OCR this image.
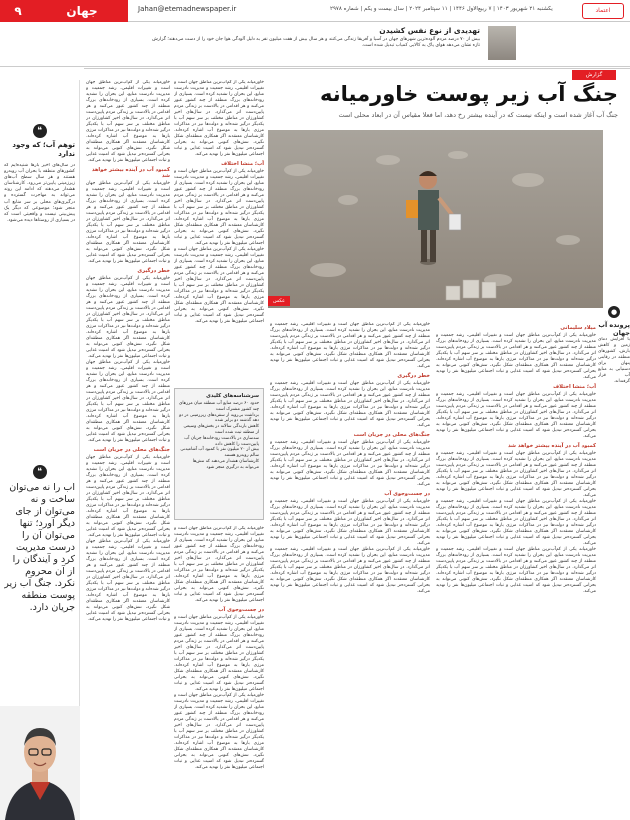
۹	جهان	Jahan@etemadnewspaper.ir	یکشنبه ۲۱ شهریور ۱۴۰۳ | ۷ ربیع‌الاول ۱۴۴۶ | ۱۱ سپتامبر ۲۰۲۴ | سال بیست و یکم | شماره ۲۹۷۸	اعتماد
تهدیدی از نوع نفس کشیدن
بیش از ۷۰ درصد مردم آلوده‌ترین شهرهای جهان در آسیا و آفریقا زندگی می‌کنند و هر سال بیش از هفت میلیون نفر به دلیل آلودگی هوا جان خود را از دست می‌دهند؛ گزارش تازه نشان می‌دهد هوای پاک به کالایی کمیاب تبدیل شده است.
❝
توهم آب؛ که وجود ندارد
در سال‌های اخیر بارها شنیده‌ایم که کشورهای منطقه با بحران آب روبه‌رو هستند و هر سال سطح آب‌های زیرزمینی پایین‌تر می‌رود. کارشناسان هشدار می‌دهند که ادامه این روند می‌تواند به مهاجرت گسترده و درگیری‌های محلی بر سر منابع آب منجر شود؛ موضوعی که دیگر یک پیش‌بینی نیست و واقعیتی است که در بسیاری از روستاها دیده می‌شود.
❝
آب را نه می‌توان ساخت و نه می‌توان از جای دیگر آورد؛ تنها می‌توان آن را درست مدیریت کرد و آیندگان را از آن محروم نکرد. جنگ آب زیر پوست منطقه جریان دارد.
گزارش
جنگ آب زیر پوست خاورمیانه
جنگ آب آغاز شده است و اینکه نیست که در آینده بیشتر رخ دهد، اما فعلا مقیاس آن در ابعاد محلی است
عکس
میلاد سلیمانی
خاورمیانه یکی از کم‌آب‌ترین مناطق جهان است و تغییرات اقلیمی، رشد جمعیت و مدیریت نادرست منابع، این بحران را تشدید کرده است. بسیاری از رودخانه‌های بزرگ منطقه از چند کشور عبور می‌کنند و هر اقدامی در بالادست بر زندگی مردم پایین‌دست اثر می‌گذارد. در سال‌های اخیر کشاورزان در مناطق مختلف بر سر سهم آب با یکدیگر درگیر شده‌اند و دولت‌ها نیز در مذاکرات مرزی بارها به موضوع آب اشاره کرده‌اند. کارشناسان معتقدند اگر همکاری منطقه‌ای شکل نگیرد، تنش‌های کنونی می‌تواند به بحرانی گسترده‌تر تبدیل شود که امنیت غذایی و ثبات اجتماعی میلیون‌ها نفر را تهدید می‌کند.
آب؛ منشا اختلاف
خاورمیانه یکی از کم‌آب‌ترین مناطق جهان است و تغییرات اقلیمی، رشد جمعیت و مدیریت نادرست منابع، این بحران را تشدید کرده است. بسیاری از رودخانه‌های بزرگ منطقه از چند کشور عبور می‌کنند و هر اقدامی در بالادست بر زندگی مردم پایین‌دست اثر می‌گذارد. در سال‌های اخیر کشاورزان در مناطق مختلف بر سر سهم آب با یکدیگر درگیر شده‌اند و دولت‌ها نیز در مذاکرات مرزی بارها به موضوع آب اشاره کرده‌اند. کارشناسان معتقدند اگر همکاری منطقه‌ای شکل نگیرد، تنش‌های کنونی می‌تواند به بحرانی گسترده‌تر تبدیل شود که امنیت غذایی و ثبات اجتماعی میلیون‌ها نفر را تهدید می‌کند.
کمبود آب در آینده بیشتر خواهد شد
خاورمیانه یکی از کم‌آب‌ترین مناطق جهان است و تغییرات اقلیمی، رشد جمعیت و مدیریت نادرست منابع، این بحران را تشدید کرده است. بسیاری از رودخانه‌های بزرگ منطقه از چند کشور عبور می‌کنند و هر اقدامی در بالادست بر زندگی مردم پایین‌دست اثر می‌گذارد. در سال‌های اخیر کشاورزان در مناطق مختلف بر سر سهم آب با یکدیگر درگیر شده‌اند و دولت‌ها نیز در مذاکرات مرزی بارها به موضوع آب اشاره کرده‌اند. کارشناسان معتقدند اگر همکاری منطقه‌ای شکل نگیرد، تنش‌های کنونی می‌تواند به بحرانی گسترده‌تر تبدیل شود که امنیت غذایی و ثبات اجتماعی میلیون‌ها نفر را تهدید می‌کند.
خاورمیانه یکی از کم‌آب‌ترین مناطق جهان است و تغییرات اقلیمی، رشد جمعیت و مدیریت نادرست منابع، این بحران را تشدید کرده است. بسیاری از رودخانه‌های بزرگ منطقه از چند کشور عبور می‌کنند و هر اقدامی در بالادست بر زندگی مردم پایین‌دست اثر می‌گذارد. در سال‌های اخیر کشاورزان در مناطق مختلف بر سر سهم آب با یکدیگر درگیر شده‌اند و دولت‌ها نیز در مذاکرات مرزی بارها به موضوع آب اشاره کرده‌اند. کارشناسان معتقدند اگر همکاری منطقه‌ای شکل نگیرد، تنش‌های کنونی می‌تواند به بحرانی گسترده‌تر تبدیل شود که امنیت غذایی و ثبات اجتماعی میلیون‌ها نفر را تهدید می‌کند.
خاورمیانه یکی از کم‌آب‌ترین مناطق جهان است و تغییرات اقلیمی، رشد جمعیت و مدیریت نادرست منابع، این بحران را تشدید کرده است. بسیاری از رودخانه‌های بزرگ منطقه از چند کشور عبور می‌کنند و هر اقدامی در بالادست بر زندگی مردم پایین‌دست اثر می‌گذارد. در سال‌های اخیر کشاورزان در مناطق مختلف بر سر سهم آب با یکدیگر درگیر شده‌اند و دولت‌ها نیز در مذاکرات مرزی بارها به موضوع آب اشاره کرده‌اند. کارشناسان معتقدند اگر همکاری منطقه‌ای شکل نگیرد، تنش‌های کنونی می‌تواند به بحرانی گسترده‌تر تبدیل شود که امنیت غذایی و ثبات اجتماعی میلیون‌ها نفر را تهدید می‌کند.
خاورمیانه یکی از کم‌آب‌ترین مناطق جهان است و تغییرات اقلیمی، رشد جمعیت و مدیریت نادرست منابع، این بحران را تشدید کرده است. بسیاری از رودخانه‌های بزرگ منطقه از چند کشور عبور می‌کنند و هر اقدامی در بالادست بر زندگی مردم پایین‌دست اثر می‌گذارد. در سال‌های اخیر کشاورزان در مناطق مختلف بر سر سهم آب با یکدیگر درگیر شده‌اند و دولت‌ها نیز در مذاکرات مرزی بارها به موضوع آب اشاره کرده‌اند. کارشناسان معتقدند اگر همکاری منطقه‌ای شکل نگیرد، تنش‌های کنونی می‌تواند به بحرانی گسترده‌تر تبدیل شود که امنیت غذایی و ثبات اجتماعی میلیون‌ها نفر را تهدید می‌کند.
خطر درگیری
خاورمیانه یکی از کم‌آب‌ترین مناطق جهان است و تغییرات اقلیمی، رشد جمعیت و مدیریت نادرست منابع، این بحران را تشدید کرده است. بسیاری از رودخانه‌های بزرگ منطقه از چند کشور عبور می‌کنند و هر اقدامی در بالادست بر زندگی مردم پایین‌دست اثر می‌گذارد. در سال‌های اخیر کشاورزان در مناطق مختلف بر سر سهم آب با یکدیگر درگیر شده‌اند و دولت‌ها نیز در مذاکرات مرزی بارها به موضوع آب اشاره کرده‌اند. کارشناسان معتقدند اگر همکاری منطقه‌ای شکل نگیرد، تنش‌های کنونی می‌تواند به بحرانی گسترده‌تر تبدیل شود که امنیت غذایی و ثبات اجتماعی میلیون‌ها نفر را تهدید می‌کند.
جنگ‌های محلی در جریان است
خاورمیانه یکی از کم‌آب‌ترین مناطق جهان است و تغییرات اقلیمی، رشد جمعیت و مدیریت نادرست منابع، این بحران را تشدید کرده است. بسیاری از رودخانه‌های بزرگ منطقه از چند کشور عبور می‌کنند و هر اقدامی در بالادست بر زندگی مردم پایین‌دست اثر می‌گذارد. در سال‌های اخیر کشاورزان در مناطق مختلف بر سر سهم آب با یکدیگر درگیر شده‌اند و دولت‌ها نیز در مذاکرات مرزی بارها به موضوع آب اشاره کرده‌اند. کارشناسان معتقدند اگر همکاری منطقه‌ای شکل نگیرد، تنش‌های کنونی می‌تواند به بحرانی گسترده‌تر تبدیل شود که امنیت غذایی و ثبات اجتماعی میلیون‌ها نفر را تهدید می‌کند.
در جست‌وجوی آب
خاورمیانه یکی از کم‌آب‌ترین مناطق جهان است و تغییرات اقلیمی، رشد جمعیت و مدیریت نادرست منابع، این بحران را تشدید کرده است. بسیاری از رودخانه‌های بزرگ منطقه از چند کشور عبور می‌کنند و هر اقدامی در بالادست بر زندگی مردم پایین‌دست اثر می‌گذارد. در سال‌های اخیر کشاورزان در مناطق مختلف بر سر سهم آب با یکدیگر درگیر شده‌اند و دولت‌ها نیز در مذاکرات مرزی بارها به موضوع آب اشاره کرده‌اند. کارشناسان معتقدند اگر همکاری منطقه‌ای شکل نگیرد، تنش‌های کنونی می‌تواند به بحرانی گسترده‌تر تبدیل شود که امنیت غذایی و ثبات اجتماعی میلیون‌ها نفر را تهدید می‌کند.
خاورمیانه یکی از کم‌آب‌ترین مناطق جهان است و تغییرات اقلیمی، رشد جمعیت و مدیریت نادرست منابع، این بحران را تشدید کرده است. بسیاری از رودخانه‌های بزرگ منطقه از چند کشور عبور می‌کنند و هر اقدامی در بالادست بر زندگی مردم پایین‌دست اثر می‌گذارد. در سال‌های اخیر کشاورزان در مناطق مختلف بر سر سهم آب با یکدیگر درگیر شده‌اند و دولت‌ها نیز در مذاکرات مرزی بارها به موضوع آب اشاره کرده‌اند. کارشناسان معتقدند اگر همکاری منطقه‌ای شکل نگیرد، تنش‌های کنونی می‌تواند به بحرانی گسترده‌تر تبدیل شود که امنیت غذایی و ثبات اجتماعی میلیون‌ها نفر را تهدید می‌کند.
خاورمیانه یکی از کم‌آب‌ترین مناطق جهان است و تغییرات اقلیمی، رشد جمعیت و مدیریت نادرست منابع، این بحران را تشدید کرده است. بسیاری از رودخانه‌های بزرگ منطقه از چند کشور عبور می‌کنند و هر اقدامی در بالادست بر زندگی مردم پایین‌دست اثر می‌گذارد. در سال‌های اخیر کشاورزان در مناطق مختلف بر سر سهم آب با یکدیگر درگیر شده‌اند و دولت‌ها نیز در مذاکرات مرزی بارها به موضوع آب اشاره کرده‌اند. کارشناسان معتقدند اگر همکاری منطقه‌ای شکل نگیرد، تنش‌های کنونی می‌تواند به بحرانی گسترده‌تر تبدیل شود که امنیت غذایی و ثبات اجتماعی میلیون‌ها نفر را تهدید می‌کند.
آب؛ منشا اختلاف
خاورمیانه یکی از کم‌آب‌ترین مناطق جهان است و تغییرات اقلیمی، رشد جمعیت و مدیریت نادرست منابع، این بحران را تشدید کرده است. بسیاری از رودخانه‌های بزرگ منطقه از چند کشور عبور می‌کنند و هر اقدامی در بالادست بر زندگی مردم پایین‌دست اثر می‌گذارد. در سال‌های اخیر کشاورزان در مناطق مختلف بر سر سهم آب با یکدیگر درگیر شده‌اند و دولت‌ها نیز در مذاکرات مرزی بارها به موضوع آب اشاره کرده‌اند. کارشناسان معتقدند اگر همکاری منطقه‌ای شکل نگیرد، تنش‌های کنونی می‌تواند به بحرانی گسترده‌تر تبدیل شود که امنیت غذایی و ثبات اجتماعی میلیون‌ها نفر را تهدید می‌کند.
خاورمیانه یکی از کم‌آب‌ترین مناطق جهان است و تغییرات اقلیمی، رشد جمعیت و مدیریت نادرست منابع، این بحران را تشدید کرده است. بسیاری از رودخانه‌های بزرگ منطقه از چند کشور عبور می‌کنند و هر اقدامی در بالادست بر زندگی مردم پایین‌دست اثر می‌گذارد. در سال‌های اخیر کشاورزان در مناطق مختلف بر سر سهم آب با یکدیگر درگیر شده‌اند و دولت‌ها نیز در مذاکرات مرزی بارها به موضوع آب اشاره کرده‌اند. کارشناسان معتقدند اگر همکاری منطقه‌ای شکل نگیرد، تنش‌های کنونی می‌تواند به بحرانی گسترده‌تر تبدیل شود که امنیت غذایی و ثبات اجتماعی میلیون‌ها نفر را تهدید می‌کند.
خاورمیانه یکی از کم‌آب‌ترین مناطق جهان است و تغییرات اقلیمی، رشد جمعیت و مدیریت نادرست منابع، این بحران را تشدید کرده است. بسیاری از رودخانه‌های بزرگ منطقه از چند کشور عبور می‌کنند و هر اقدامی در بالادست بر زندگی مردم پایین‌دست اثر می‌گذارد. در سال‌های اخیر کشاورزان در مناطق مختلف بر سر سهم آب با یکدیگر درگیر شده‌اند و دولت‌ها نیز در مذاکرات مرزی بارها به موضوع آب اشاره کرده‌اند. کارشناسان معتقدند اگر همکاری منطقه‌ای شکل نگیرد، تنش‌های کنونی می‌تواند به بحرانی گسترده‌تر تبدیل شود که امنیت غذایی و ثبات اجتماعی میلیون‌ها نفر را تهدید می‌کند.
کمبود آب در آینده بیشتر خواهد شد
خاورمیانه یکی از کم‌آب‌ترین مناطق جهان است و تغییرات اقلیمی، رشد جمعیت و مدیریت نادرست منابع، این بحران را تشدید کرده است. بسیاری از رودخانه‌های بزرگ منطقه از چند کشور عبور می‌کنند و هر اقدامی در بالادست بر زندگی مردم پایین‌دست اثر می‌گذارد. در سال‌های اخیر کشاورزان در مناطق مختلف بر سر سهم آب با یکدیگر درگیر شده‌اند و دولت‌ها نیز در مذاکرات مرزی بارها به موضوع آب اشاره کرده‌اند. کارشناسان معتقدند اگر همکاری منطقه‌ای شکل نگیرد، تنش‌های کنونی می‌تواند به بحرانی گسترده‌تر تبدیل شود که امنیت غذایی و ثبات اجتماعی میلیون‌ها نفر را تهدید می‌کند.
خطر درگیری
خاورمیانه یکی از کم‌آب‌ترین مناطق جهان است و تغییرات اقلیمی، رشد جمعیت و مدیریت نادرست منابع، این بحران را تشدید کرده است. بسیاری از رودخانه‌های بزرگ منطقه از چند کشور عبور می‌کنند و هر اقدامی در بالادست بر زندگی مردم پایین‌دست اثر می‌گذارد. در سال‌های اخیر کشاورزان در مناطق مختلف بر سر سهم آب با یکدیگر درگیر شده‌اند و دولت‌ها نیز در مذاکرات مرزی بارها به موضوع آب اشاره کرده‌اند. کارشناسان معتقدند اگر همکاری منطقه‌ای شکل نگیرد، تنش‌های کنونی می‌تواند به بحرانی گسترده‌تر تبدیل شود که امنیت غذایی و ثبات اجتماعی میلیون‌ها نفر را تهدید می‌کند.
خاورمیانه یکی از کم‌آب‌ترین مناطق جهان است و تغییرات اقلیمی، رشد جمعیت و مدیریت نادرست منابع، این بحران را تشدید کرده است. بسیاری از رودخانه‌های بزرگ منطقه از چند کشور عبور می‌کنند و هر اقدامی در بالادست بر زندگی مردم پایین‌دست اثر می‌گذارد. در سال‌های اخیر کشاورزان در مناطق مختلف بر سر سهم آب با یکدیگر درگیر شده‌اند و دولت‌ها نیز در مذاکرات مرزی بارها به موضوع آب اشاره کرده‌اند. کارشناسان معتقدند اگر همکاری منطقه‌ای شکل نگیرد، تنش‌های کنونی می‌تواند به بحرانی گسترده‌تر تبدیل شود که امنیت غذایی و ثبات اجتماعی میلیون‌ها نفر را تهدید می‌کند.
جنگ‌های محلی در جریان است
خاورمیانه یکی از کم‌آب‌ترین مناطق جهان است و تغییرات اقلیمی، رشد جمعیت و مدیریت نادرست منابع، این بحران را تشدید کرده است. بسیاری از رودخانه‌های بزرگ منطقه از چند کشور عبور می‌کنند و هر اقدامی در بالادست بر زندگی مردم پایین‌دست اثر می‌گذارد. در سال‌های اخیر کشاورزان در مناطق مختلف بر سر سهم آب با یکدیگر درگیر شده‌اند و دولت‌ها نیز در مذاکرات مرزی بارها به موضوع آب اشاره کرده‌اند. کارشناسان معتقدند اگر همکاری منطقه‌ای شکل نگیرد، تنش‌های کنونی می‌تواند به بحرانی گسترده‌تر تبدیل شود که امنیت غذایی و ثبات اجتماعی میلیون‌ها نفر را تهدید می‌کند.
خاورمیانه یکی از کم‌آب‌ترین مناطق جهان است و تغییرات اقلیمی، رشد جمعیت و مدیریت نادرست منابع، این بحران را تشدید کرده است. بسیاری از رودخانه‌های بزرگ منطقه از چند کشور عبور می‌کنند و هر اقدامی در بالادست بر زندگی مردم پایین‌دست اثر می‌گذارد. در سال‌های اخیر کشاورزان در مناطق مختلف بر سر سهم آب با یکدیگر درگیر شده‌اند و دولت‌ها نیز در مذاکرات مرزی بارها به موضوع آب اشاره کرده‌اند. کارشناسان معتقدند اگر همکاری منطقه‌ای شکل نگیرد، تنش‌های کنونی می‌تواند به بحرانی گسترده‌تر تبدیل شود که امنیت غذایی و ثبات اجتماعی میلیون‌ها نفر را تهدید می‌کند.
سرشناسه‌های کلیدی
حدود ۶۰ درصد منابع آب منطقه میان مرزهای چند کشور مشترک است
برداشت بی‌رویه از سفره‌های زیرزمینی در دو دهه گذشته دو برابر شده
کاهش بارندگی سالانه در بخش‌های وسیعی از منطقه ثبت شده است
سدسازی در بالادست رودخانه‌ها جریان آب پایین‌دست را کاهش داده
بیش از ۲۰ میلیون نفر با کمبود آب آشامیدنی سالم روبه‌رو هستند
کارشناسان هشدار می‌دهند که تنش‌ها می‌تواند به درگیری منجر شود
خاورمیانه یکی از کم‌آب‌ترین مناطق جهان است و تغییرات اقلیمی، رشد جمعیت و مدیریت نادرست منابع، این بحران را تشدید کرده است. بسیاری از رودخانه‌های بزرگ منطقه از چند کشور عبور می‌کنند و هر اقدامی در بالادست بر زندگی مردم پایین‌دست اثر می‌گذارد. در سال‌های اخیر کشاورزان در مناطق مختلف بر سر سهم آب با یکدیگر درگیر شده‌اند و دولت‌ها نیز در مذاکرات مرزی بارها به موضوع آب اشاره کرده‌اند. کارشناسان معتقدند اگر همکاری منطقه‌ای شکل نگیرد، تنش‌های کنونی می‌تواند به بحرانی گسترده‌تر تبدیل شود که امنیت غذایی و ثبات اجتماعی میلیون‌ها نفر را تهدید می‌کند.
در جست‌وجوی آب
خاورمیانه یکی از کم‌آب‌ترین مناطق جهان است و تغییرات اقلیمی، رشد جمعیت و مدیریت نادرست منابع، این بحران را تشدید کرده است. بسیاری از رودخانه‌های بزرگ منطقه از چند کشور عبور می‌کنند و هر اقدامی در بالادست بر زندگی مردم پایین‌دست اثر می‌گذارد. در سال‌های اخیر کشاورزان در مناطق مختلف بر سر سهم آب با یکدیگر درگیر شده‌اند و دولت‌ها نیز در مذاکرات مرزی بارها به موضوع آب اشاره کرده‌اند. کارشناسان معتقدند اگر همکاری منطقه‌ای شکل نگیرد، تنش‌های کنونی می‌تواند به بحرانی گسترده‌تر تبدیل شود که امنیت غذایی و ثبات اجتماعی میلیون‌ها نفر را تهدید می‌کند.
خاورمیانه یکی از کم‌آب‌ترین مناطق جهان است و تغییرات اقلیمی، رشد جمعیت و مدیریت نادرست منابع، این بحران را تشدید کرده است. بسیاری از رودخانه‌های بزرگ منطقه از چند کشور عبور می‌کنند و هر اقدامی در بالادست بر زندگی مردم پایین‌دست اثر می‌گذارد. در سال‌های اخیر کشاورزان در مناطق مختلف بر سر سهم آب با یکدیگر درگیر شده‌اند و دولت‌ها نیز در مذاکرات مرزی بارها به موضوع آب اشاره کرده‌اند. کارشناسان معتقدند اگر همکاری منطقه‌ای شکل نگیرد، تنش‌های کنونی می‌تواند به بحرانی گسترده‌تر تبدیل شود که امنیت غذایی و ثبات اجتماعی میلیون‌ها نفر را تهدید می‌کند.
●
پرونده آب جهان
با افزایش دمای زمین و کاهش بارش، کشورهای منطقه در رقابتی پنهان برای دستیابی به منابع آب قرار گرفته‌اند.
